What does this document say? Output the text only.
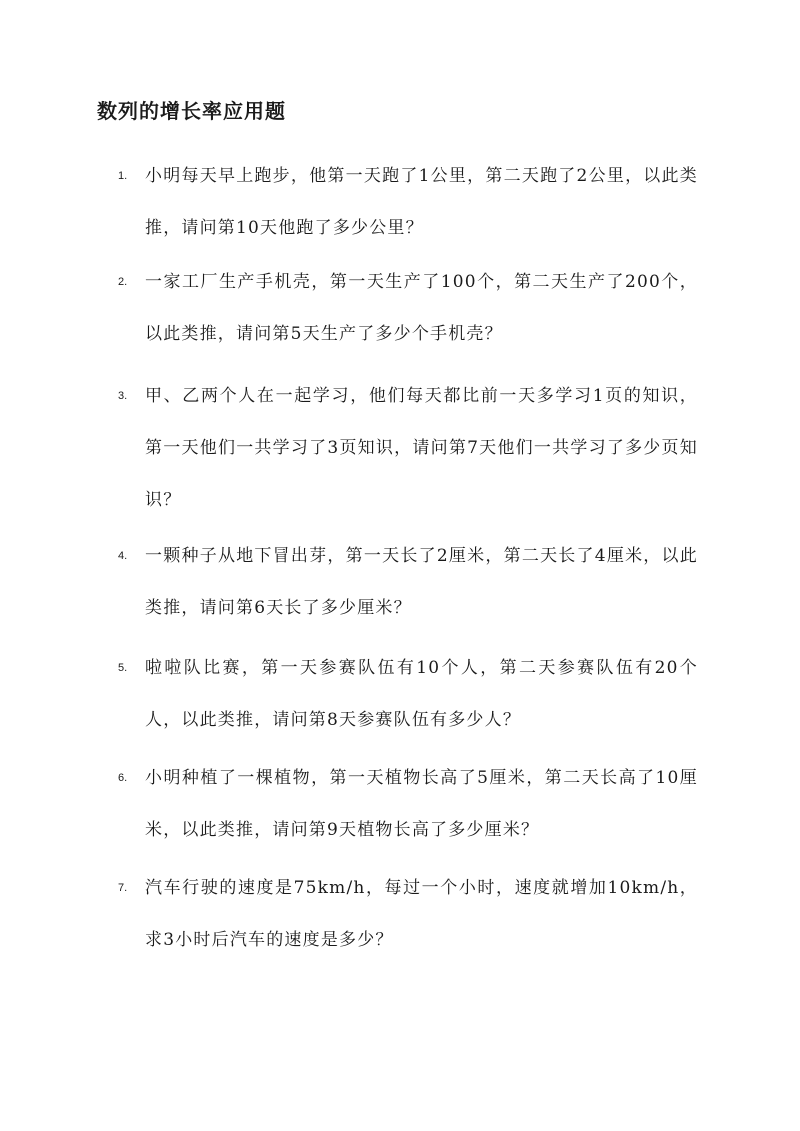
数列的增长率应用题
1. 小明每天早上跑步，他第一天跑了1公里，第二天跑了2公里，以此类推，请问第10天他跑了多少公里？
2. 一家工厂生产手机壳，第一天生产了100个，第二天生产了200个，以此类推，请问第5天生产了多少个手机壳？
3. 甲、乙两个人在一起学习，他们每天都比前一天多学习1页的知识，第一天他们一共学习了3页知识，请问第7天他们一共学习了多少页知识？
4. 一颗种子从地下冒出芽，第一天长了2厘米，第二天长了4厘米，以此类推，请问第6天长了多少厘米？
5. 啦啦队比赛，第一天参赛队伍有10个人，第二天参赛队伍有20个人，以此类推，请问第8天参赛队伍有多少人？
6. 小明种植了一棵植物，第一天植物长高了5厘米，第二天长高了10厘米，以此类推，请问第9天植物长高了多少厘米？
7. 汽车行驶的速度是75km/h，每过一个小时，速度就增加10km/h，求3小时后汽车的速度是多少？
